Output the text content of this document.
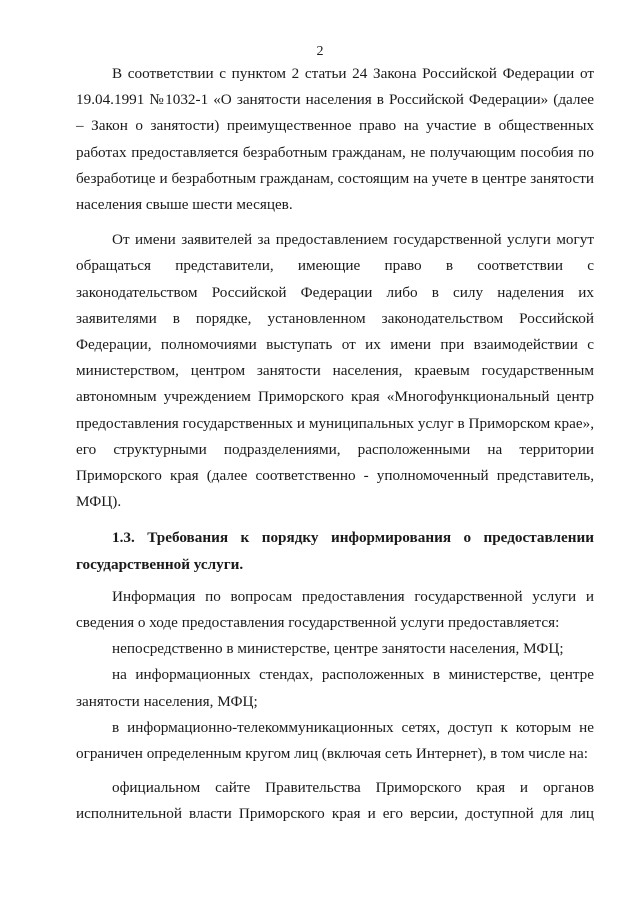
2

В соответствии с пунктом 2 статьи 24 Закона Российской Федерации от 19.04.1991 №1032-1 «О занятости населения в Российской Федерации» (далее – Закон о занятости) преимущественное право на участие в общественных работах предоставляется безработным гражданам, не получающим пособия по безработице и безработным гражданам, состоящим на учете в центре занятости населения свыше шести месяцев.

От имени заявителей за предоставлением государственной услуги могут обращаться представители, имеющие право в соответствии с законодательством Российской Федерации либо в силу наделения их заявителями в порядке, установленном законодательством Российской Федерации, полномочиями выступать от их имени при взаимодействии с министерством, центром занятости населения, краевым государственным автономным учреждением Приморского края «Многофункциональный центр предоставления государственных и муниципальных услуг в Приморском крае», его структурными подразделениями, расположенными на территории Приморского края (далее соответственно - уполномоченный представитель, МФЦ).

1.3. Требования к порядку информирования о предоставлении государственной услуги.

Информация по вопросам предоставления государственной услуги и сведения о ходе предоставления государственной услуги предоставляется:

непосредственно в министерстве, центре занятости населения, МФЦ;

на информационных стендах, расположенных в министерстве, центре занятости населения, МФЦ;

в информационно-телекоммуникационных сетях, доступ к которым не ограничен определенным кругом лиц (включая сеть Интернет), в том числе на:

официальном сайте Правительства Приморского края и органов исполнительной власти Приморского края и его версии, доступной для лиц
